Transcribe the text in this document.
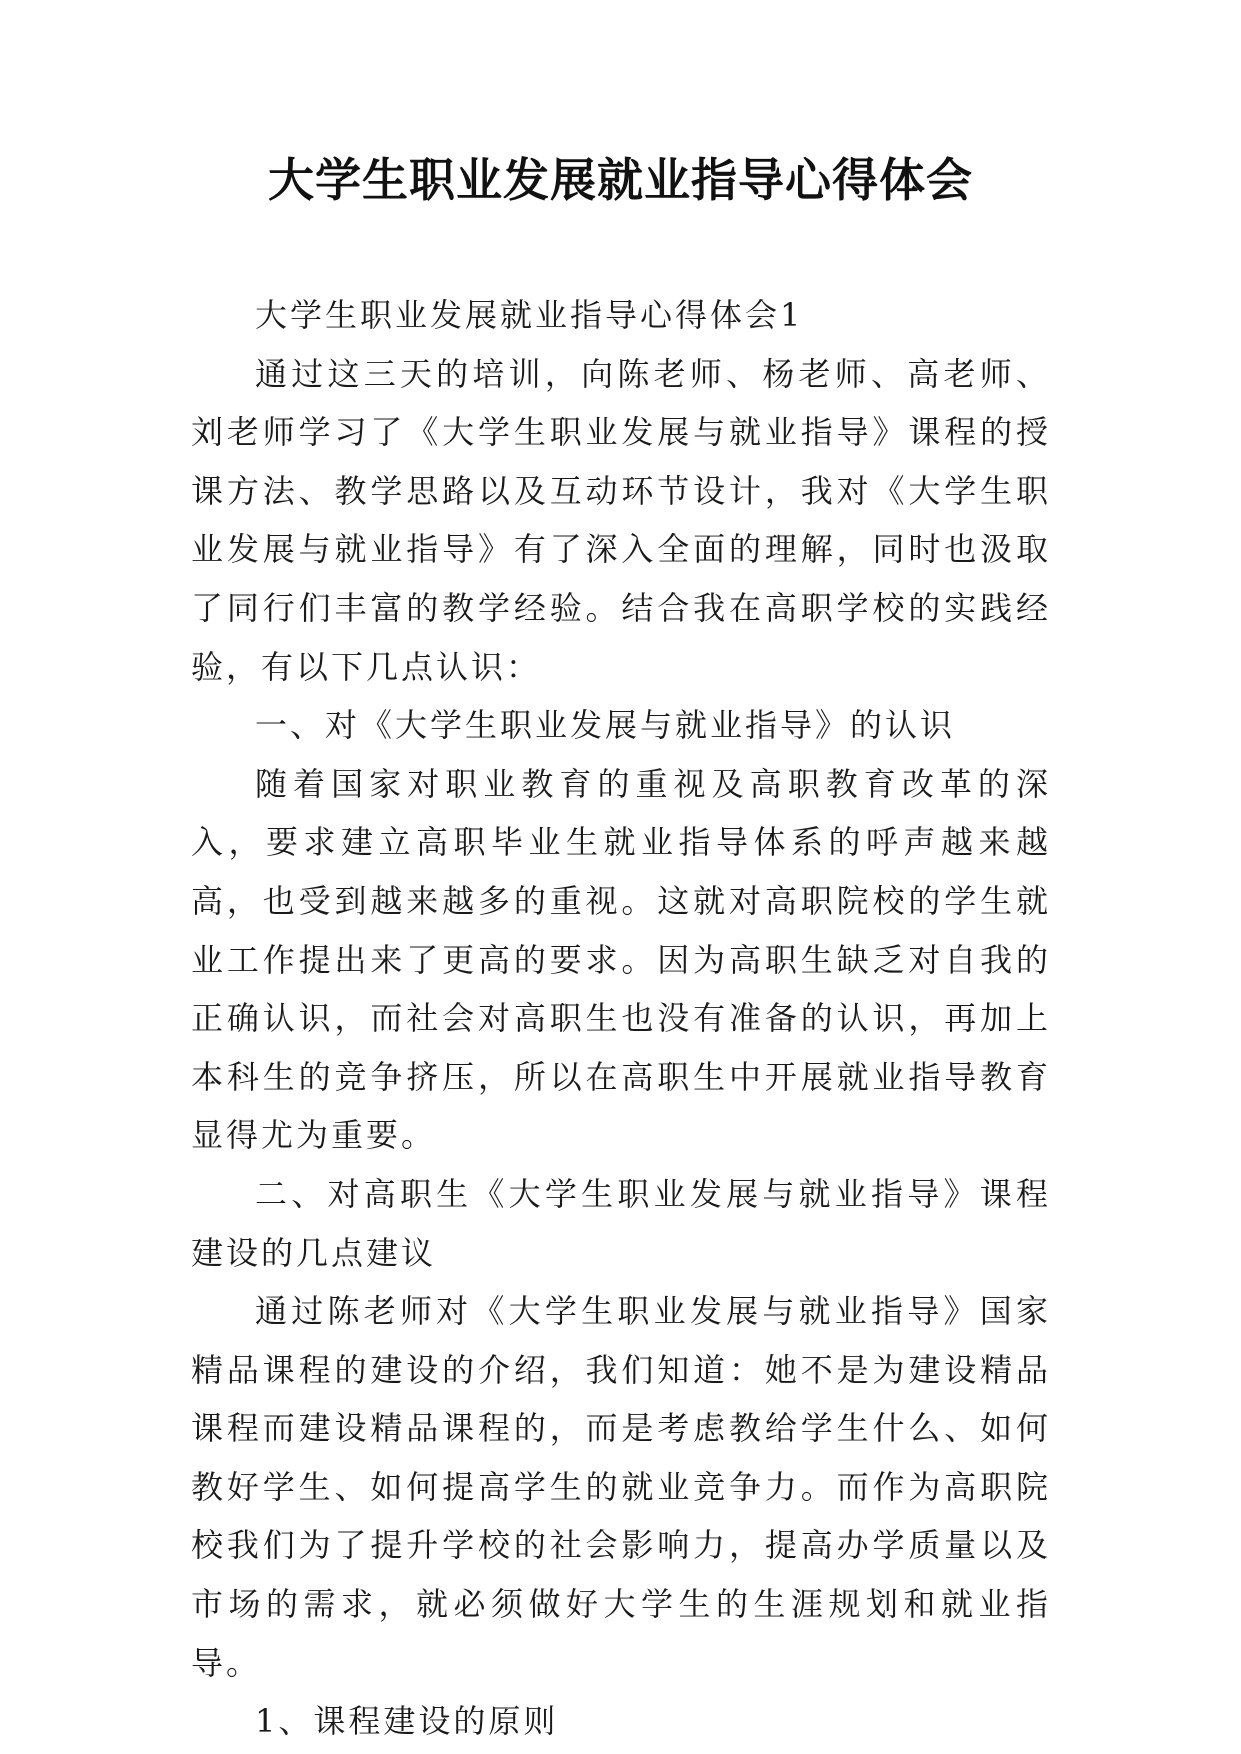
大学生职业发展就业指导心得体会

大学生职业发展就业指导心得体会1

通过这三天的培训，向陈老师、杨老师、高老师、刘老师学习了《大学生职业发展与就业指导》课程的授课方法、教学思路以及互动环节设计，我对《大学生职业发展与就业指导》有了深入全面的理解，同时也汲取了同行们丰富的教学经验。结合我在高职学校的实践经验，有以下几点认识：

一、对《大学生职业发展与就业指导》的认识

随着国家对职业教育的重视及高职教育改革的深入，要求建立高职毕业生就业指导体系的呼声越来越高，也受到越来越多的重视。这就对高职院校的学生就业工作提出来了更高的要求。因为高职生缺乏对自我的正确认识，而社会对高职生也没有准备的认识，再加上本科生的竞争挤压，所以在高职生中开展就业指导教育显得尤为重要。

二、对高职生《大学生职业发展与就业指导》课程建设的几点建议

通过陈老师对《大学生职业发展与就业指导》国家精品课程的建设的介绍，我们知道：她不是为建设精品课程而建设精品课程的，而是考虑教给学生什么、如何教好学生、如何提高学生的就业竞争力。而作为高职院校我们为了提升学校的社会影响力，提高办学质量以及市场的需求，就必须做好大学生的生涯规划和就业指导。

1、课程建设的原则
